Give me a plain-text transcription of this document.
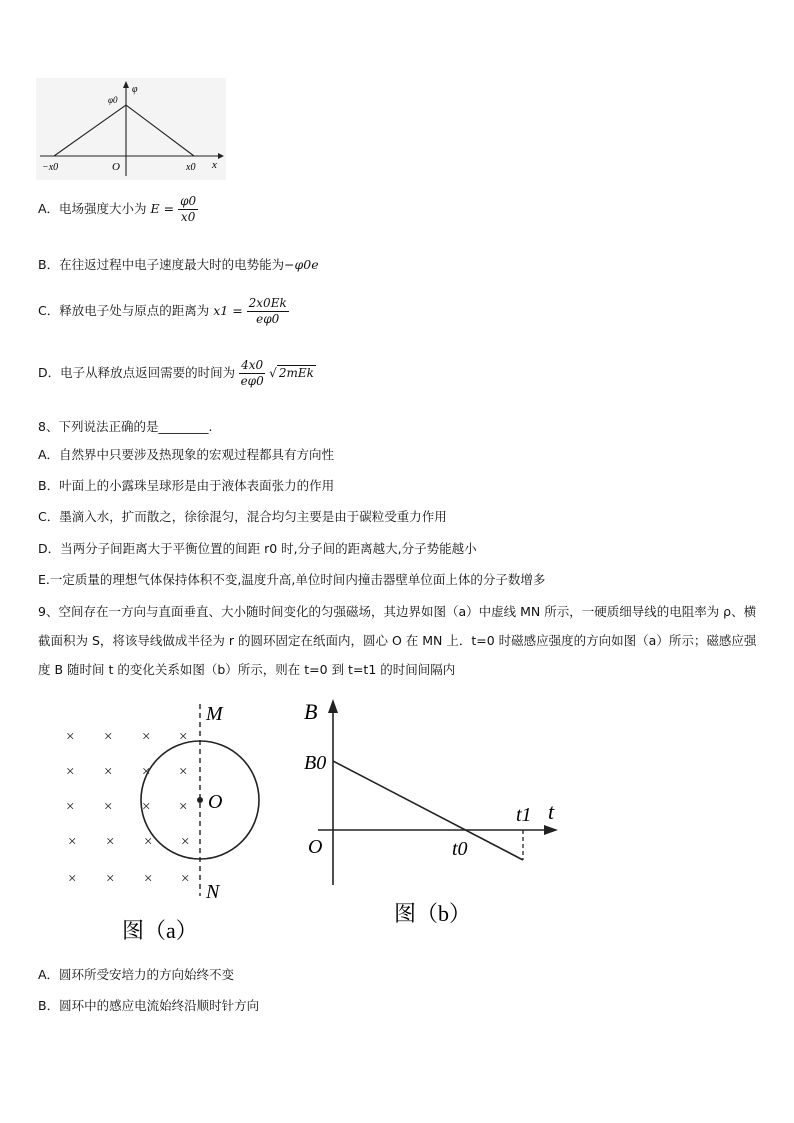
φ
φ0
−x0	O	x0 x
A．电场强度大小为 $E = \frac{\varphi 0}{x0}$
B．在往返过程中电子速度最大时的电势能为−φ0e
C．释放电子处与原点的距离为 $x1 = \frac{2x0Ek}{e\varphi 0}$
D．电子从释放点返回需要的时间为 $\frac{4x0}{e\varphi 0}$ √ 2mEk
8、下列说法正确的是________.
A．自然界中只要涉及热现象的宏观过程都具有方向性
B．叶面上的小露珠呈球形是由于液体表面张力的作用
C．墨滴入水，扩而散之，徐徐混匀，混合均匀主要是由于碳粒受重力作用
D．当两分子间距离大于平衡位置的间距 r0 时,分子间的距离越大,分子势能越小
E.一定质量的理想气体保持体积不变,温度升高,单位时间内撞击器壁单位面上体的分子数增多
9、空间存在一方向与直面垂直、大小随时间变化的匀强磁场，其边界如图（a）中虚线 MN 所示，一硬质细导线的电阻率为 ρ、横截面积为 S，将该导线做成半径为 r 的圆环固定在纸面内，圆心 O 在 MN 上．t=0 时磁感应强度的方向如图（a）所示；磁感应强度 B 随时间 t 的变化关系如图（b）所示，则在 t=0 到 t=t1 的时间间隔内
× × × ×
× × × ×
× × × ×
× × × ×
× × × ×
M
O
N
图（a）
B
B0
O	t0
t1 t
图（b）
A．圆环所受安培力的方向始终不变
B．圆环中的感应电流始终沿顺时针方向
